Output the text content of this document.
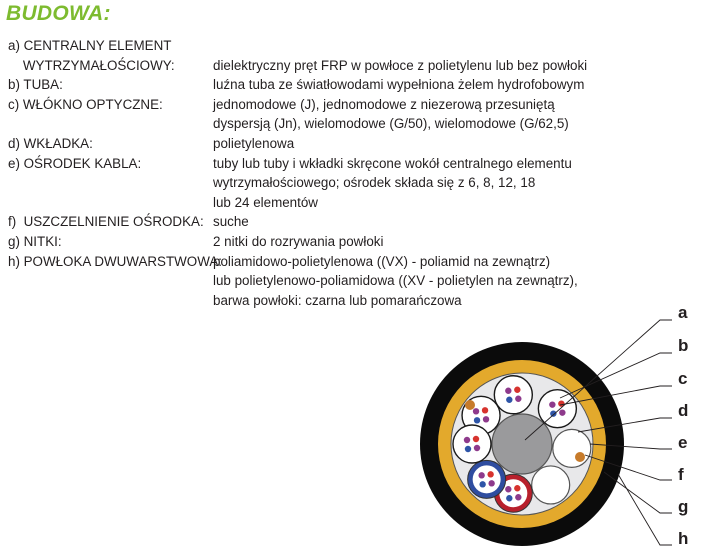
BUDOWA:
a) CENTRALNY ELEMENT
WYTRZYMAŁOŚCIOWY:	dielektryczny pręt FRP w powłoce z polietylenu lub bez powłoki
b) TUBA:	luźna tuba ze światłowodami wypełniona żelem hydrofobowym
c) WŁÓKNO OPTYCZNE:	jednomodowe (J), jednomodowe z niezerową przesuniętą
dyspersją (Jn), wielomodowe (G/50), wielomodowe (G/62,5)
d) WKŁADKA:	polietylenowa
e) OŚRODEK KABLA:	tuby lub tuby i wkładki skręcone wokół centralnego elementu
wytrzymałościowego; ośrodek składa się z 6, 8, 12, 18
lub 24 elementów
f)  USZCZELNIENIE OŚRODKA: suche
g) NITKI:	2 nitki do rozrywania powłoki
h) POWŁOKA DWUWARSTWOWA:
poliamidowo-polietylenowa ((VX) - poliamid na zewnątrz)
lub polietylenowo-poliamidowa ((XV - polietylen na zewnątrz),
barwa powłoki: czarna lub pomarańczowa
a
b
c
d
e
f
g
h
